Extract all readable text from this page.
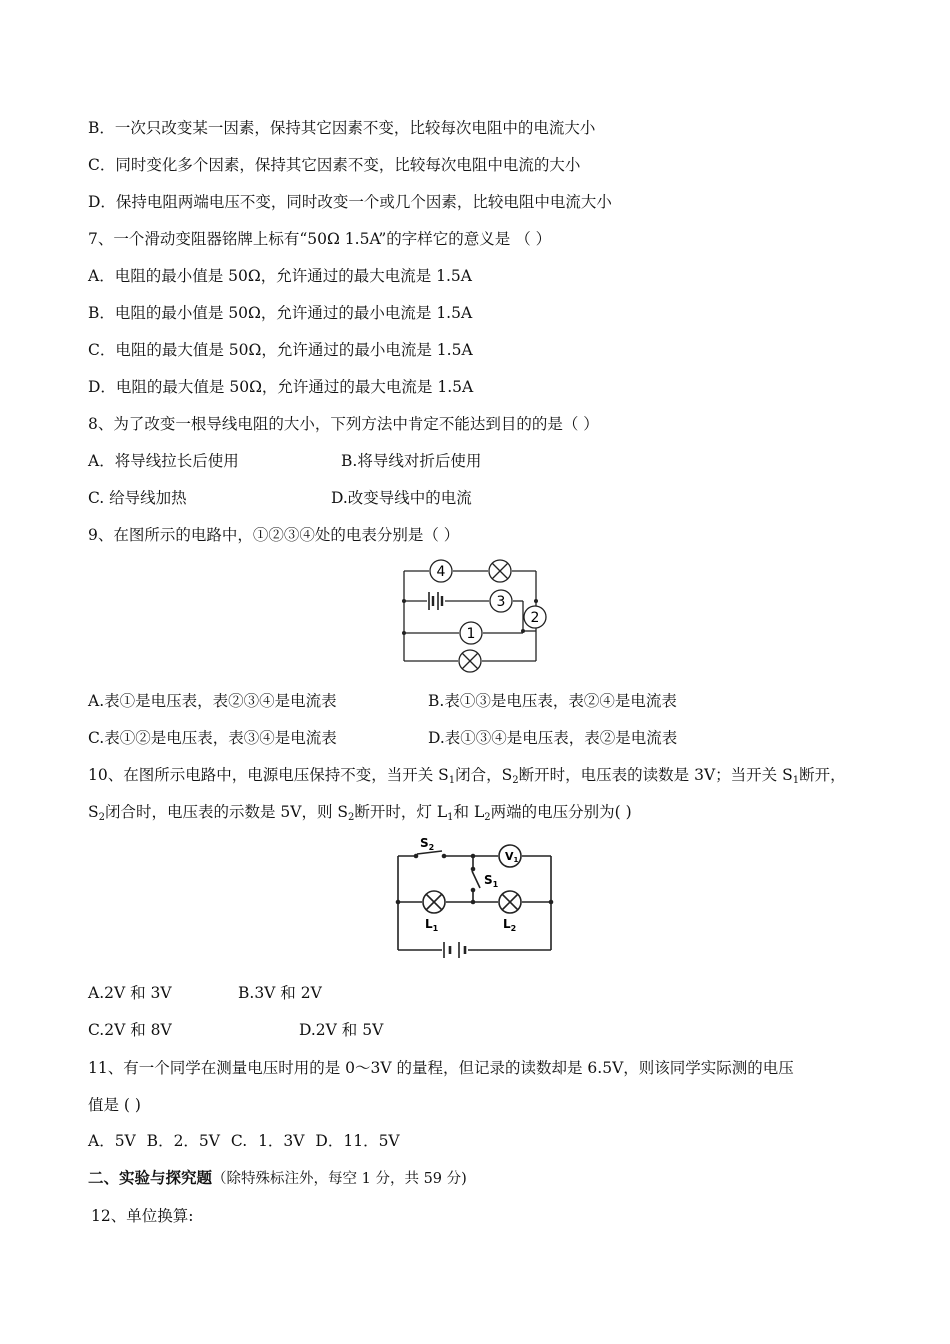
B．一次只改变某一因素，保持其它因素不变，比较每次电阻中的电流大小
C．同时变化多个因素，保持其它因素不变，比较每次电阻中电流的大小
D．保持电阻两端电压不变，同时改变一个或几个因素，比较电阻中电流大小
7、一个滑动变阻器铭牌上标有“50Ω 1.5A”的字样它的意义是 （ ）
A．电阻的最小值是 50Ω，允许通过的最大电流是 1.5A
B．电阻的最小值是 50Ω，允许通过的最小电流是 1.5A
C．电阻的最大值是 50Ω，允许通过的最小电流是 1.5A
D．电阻的最大值是 50Ω，允许通过的最大电流是 1.5A
8、为了改变一根导线电阻的大小，下列方法中肯定不能达到目的的是（ ）
A．将导线拉长后使用	B.将导线对折后使用
C. 给导线加热	D.改变导线中的电流
9、在图所示的电路中，①②③④处的电表分别是（ ）
4
3
2
1
A.表①是电压表，表②③④是电流表	B.表①③是电压表，表②④是电流表
C.表①②是电压表，表③④是电流表	D.表①③④是电压表，表②是电流表
10、在图所示电路中，电源电压保持不变，当开关 $S_1$闭合，$S_2$断开时，电压表的读数是 3V；当开关 $S_1$断开，
$S_2$闭合时，电压表的示数是 5V，则 $S_2$断开时，灯 $L_1$和 $L_2$两端的电压分别为( )
$S_2$
V1
$S_1$
$L_1$	$L_2$
A.2V 和 3V	B.3V 和 2V
C.2V 和 8V	D.2V 和 5V
11、有一个同学在测量电压时用的是 0～3V 的量程，但记录的读数却是 6.5V，则该同学实际测的电压
值是 ( )
A．5V B．2．5V C. 1．3V D．11．5V
二、实验与探究题（除特殊标注外，每空 1 分，共 59 分)
12、单位换算:
